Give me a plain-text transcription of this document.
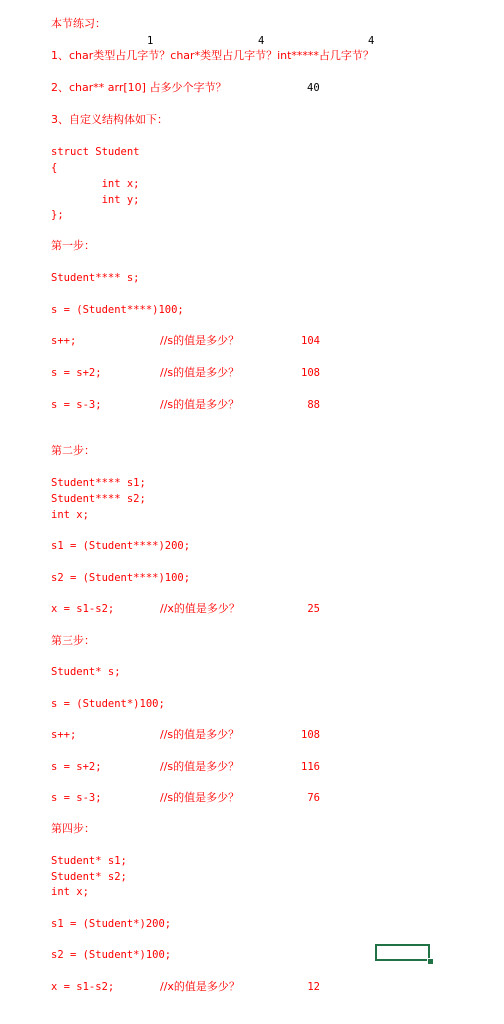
本节练习：
1	4	4
1、char类型占几字节？char*类型占几字节？int*****占几字节？
2、char** arr[10] 占多少个字节？	40
3、自定义结构体如下：
struct Student
{
int x;
int y;
};
第一步：
Student**** s;
s = (Student****)100;
s++;	//s的值是多少？	104
s = s+2;	//s的值是多少？	108
s = s-3;	//s的值是多少？	88
第二步：
Student**** s1;
Student**** s2;
int x;
s1 = (Student****)200;
s2 = (Student****)100;
x = s1-s2;	//x的值是多少？	25
第三步：
Student* s;
s = (Student*)100;
s++;	//s的值是多少？	108
s = s+2;	//s的值是多少？	116
s = s-3;	//s的值是多少？	76
第四步：
Student* s1;
Student* s2;
int x;
s1 = (Student*)200;
s2 = (Student*)100;
x = s1-s2;	//x的值是多少？	12
